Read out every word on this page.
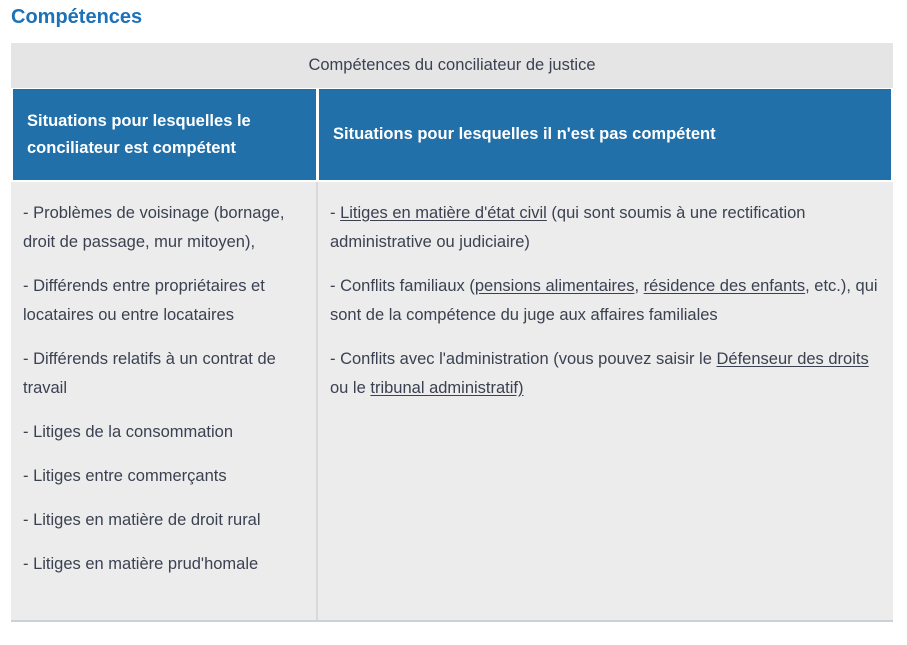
Compétences
Compétences du conciliateur de justice
Situations pour lesquelles le conciliateur est compétent
Situations pour lesquelles il n'est pas compétent

- Problèmes de voisinage (bornage, droit de passage, mur mitoyen),

- Différends entre propriétaires et locataires ou entre locataires

- Différends relatifs à un contrat de travail

- Litiges de la consommation

- Litiges entre commerçants

- Litiges en matière de droit rural

- Litiges en matière prud'homale

- Litiges en matière d'état civil (qui sont soumis à une rectification administrative ou judiciaire)

- Conflits familiaux (pensions alimentaires, résidence des enfants, etc.), qui sont de la compétence du juge aux affaires familiales

- Conflits avec l'administration (vous pouvez saisir le Défenseur des droits ou le tribunal administratif)
